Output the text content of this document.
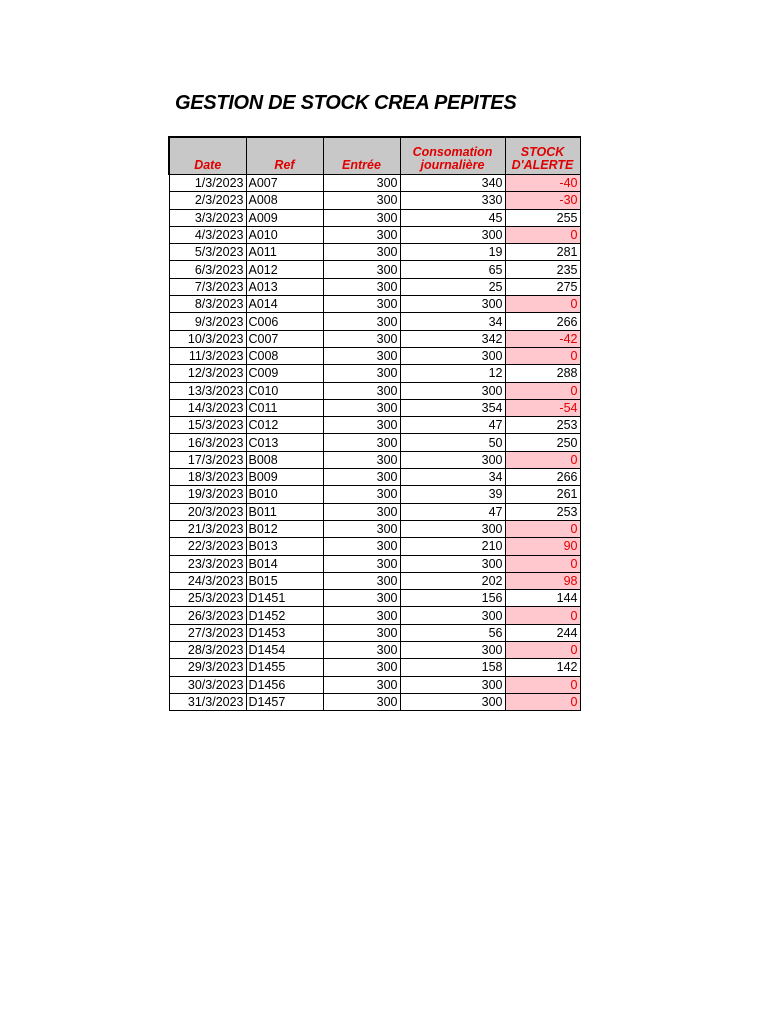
GESTION DE STOCK CREA PEPITES
Date	Ref	Entrée	Consomation journalière	STOCK D'ALERTE
1/3/2023	A007	300	340	-40
2/3/2023	A008	300	330	-30
3/3/2023	A009	300	45	255
4/3/2023	A010	300	300	0
5/3/2023	A011	300	19	281
6/3/2023	A012	300	65	235
7/3/2023	A013	300	25	275
8/3/2023	A014	300	300	0
9/3/2023	C006	300	34	266
10/3/2023	C007	300	342	-42
11/3/2023	C008	300	300	0
12/3/2023	C009	300	12	288
13/3/2023	C010	300	300	0
14/3/2023	C011	300	354	-54
15/3/2023	C012	300	47	253
16/3/2023	C013	300	50	250
17/3/2023	B008	300	300	0
18/3/2023	B009	300	34	266
19/3/2023	B010	300	39	261
20/3/2023	B011	300	47	253
21/3/2023	B012	300	300	0
22/3/2023	B013	300	210	90
23/3/2023	B014	300	300	0
24/3/2023	B015	300	202	98
25/3/2023	D1451	300	156	144
26/3/2023	D1452	300	300	0
27/3/2023	D1453	300	56	244
28/3/2023	D1454	300	300	0
29/3/2023	D1455	300	158	142
30/3/2023	D1456	300	300	0
31/3/2023	D1457	300	300	0
